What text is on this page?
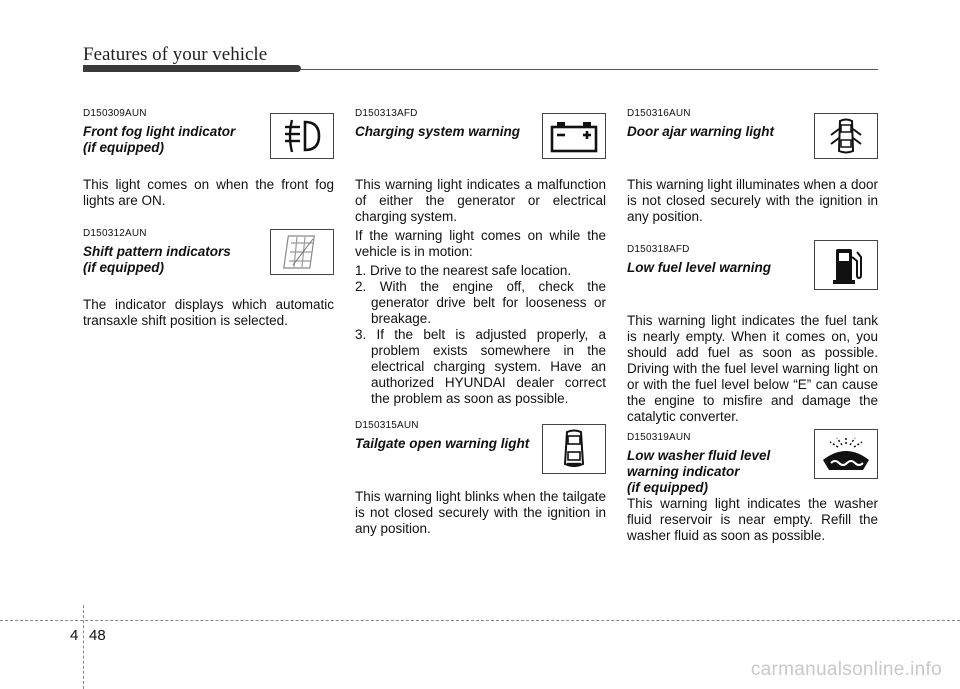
Features of your vehicle

D150309AUN

Front fog light indicator
(if equipped)

This light comes on when the front fog lights are ON.

D150312AUN

Shift pattern indicators
(if equipped)

The indicator displays which automatic transaxle shift position is selected.

D150313AFD

Charging system warning

This warning light indicates a malfunction of either the generator or electrical charging system.

If the warning light comes on while the vehicle is in motion:

1. Drive to the nearest safe location.
2. With the engine off, check the generator drive belt for looseness or breakage.
3. If the belt is adjusted properly, a problem exists somewhere in the electrical charging system. Have an authorized HYUNDAI dealer correct the problem as soon as possible.

D150315AUN

Tailgate open warning light

This warning light blinks when the tailgate is not closed securely with the ignition in any position.

D150316AUN

Door ajar warning light

This warning light illuminates when a door is not closed securely with the ignition in any position.

D150318AFD

Low fuel level warning

This warning light indicates the fuel tank is nearly empty. When it comes on, you should add fuel as soon as possible. Driving with the fuel level warning light on or with the fuel level below “E” can cause the engine to misfire and damage the catalytic converter.

D150319AUN

Low washer fluid level
warning indicator
(if equipped)

This warning light indicates the washer fluid reservoir is near empty. Refill the washer fluid as soon as possible.

4 48
carmanualsonline.info
